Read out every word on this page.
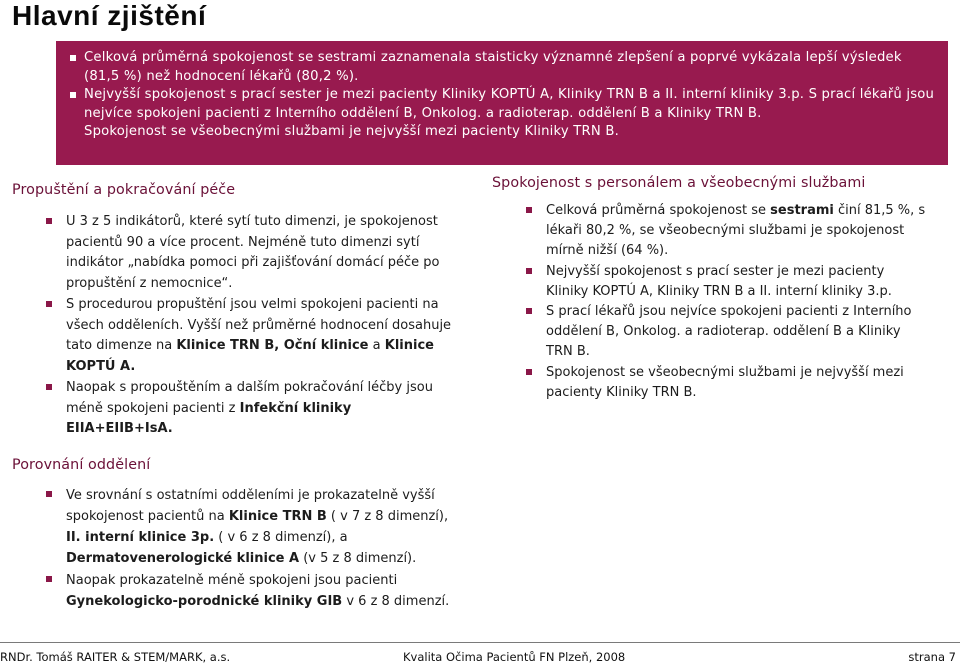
Hlavní zjištění
Celková průměrná spokojenost se sestrami zaznamenala staisticky významné zlepšení a poprvé vykázala lepší výsledek (81,5 %) než hodnocení lékařů (80,2 %).
Nejvyšší spokojenost s prací sester je mezi pacienty Kliniky KOPTÚ A, Kliniky TRN B a II. interní kliniky 3.p. S prací lékařů jsou nejvíce spokojeni pacienti z Interního oddělení B, Onkolog. a radioterap. oddělení B a Kliniky TRN B.
Spokojenost se všeobecnými službami je nejvyšší mezi pacienty Kliniky TRN B.
Propuštění a pokračování péče
U 3 z 5 indikátorů, které sytí tuto dimenzi, je spokojenost
pacientů 90 a více procent. Nejméně tuto dimenzi sytí
indikátor „nabídka pomoci při zajišťování domácí péče po
propuštění z nemocnice“.
S procedurou propuštění jsou velmi spokojeni pacienti na
všech odděleních. Vyšší než průměrné hodnocení dosahuje
tato dimenze na Klinice TRN B, Oční klinice a Klinice
KOPTÚ A.
Naopak s propouštěním a dalším pokračování léčby jsou
méně spokojeni pacienti z Infekční kliniky
EIIA+EIIB+IsA.
Spokojenost s personálem a všeobecnými službami
Celková průměrná spokojenost se sestrami činí 81,5 %, s
lékaři 80,2 %, se všeobecnými službami je spokojenost
mírně nižší (64 %).
Nejvyšší spokojenost s prací sester je mezi pacienty
Kliniky KOPTÚ A, Kliniky TRN B a II. interní kliniky 3.p.
S prací lékařů jsou nejvíce spokojeni pacienti z Interního
oddělení B, Onkolog. a radioterap. oddělení B a Kliniky
TRN B.
Spokojenost se všeobecnými službami je nejvyšší mezi
pacienty Kliniky TRN B.
Porovnání oddělení
Ve srovnání s ostatními odděleními je prokazatelně vyšší
spokojenost pacientů na Klinice TRN B ( v 7 z 8 dimenzí),
II. interní klinice 3p. ( v 6 z 8 dimenzí), a
Dermatovenerologické klinice A (v 5 z 8 dimenzí).
Naopak prokazatelně méně spokojeni jsou pacienti
Gynekologicko-porodnické kliniky GIB v 6 z 8 dimenzí.
RNDr. Tomáš RAITER & STEM/MARK, a.s.	Kvalita Očima Pacientů FN Plzeň, 2008	strana 7
